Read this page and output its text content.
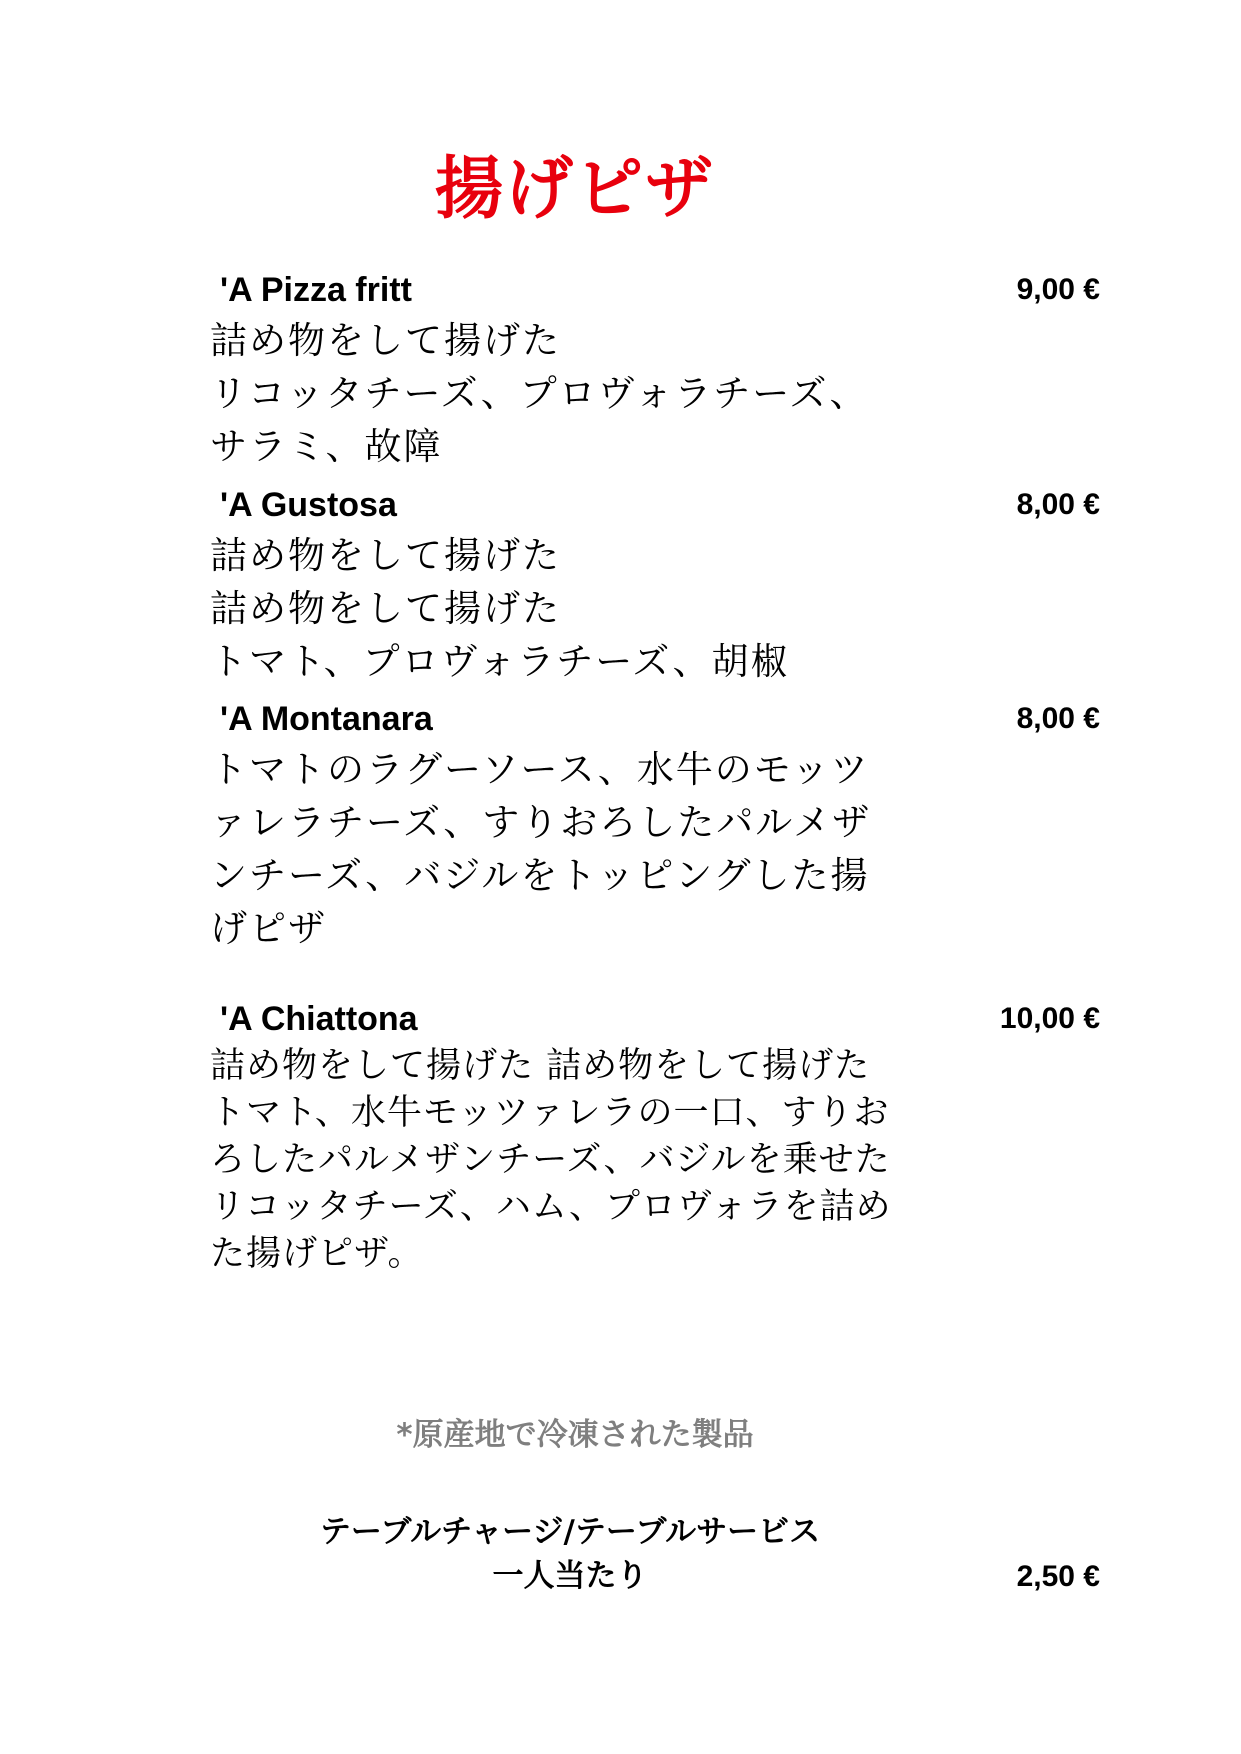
揚げピザ
'A Pizza fritt	9,00 €
詰め物をして揚げた
リコッタチーズ、プロヴォラチーズ、
サラミ、故障
'A Gustosa	8,00 €
詰め物をして揚げた
詰め物をして揚げた
トマト、プロヴォラチーズ、胡椒
'A Montanara	8,00 €
トマトのラグーソース、水牛のモッツ
ァレラチーズ、すりおろしたパルメザ
ンチーズ、バジルをトッピングした揚
げピザ
'A Chiattona	10,00 €
詰め物をして揚げた 詰め物をして揚げた
トマト、水牛モッツァレラの一口、すりお
ろしたパルメザンチーズ、バジルを乗せた
リコッタチーズ、ハム、プロヴォラを詰め
た揚げピザ。
*原産地で冷凍された製品
テーブルチャージ/テーブルサービス
一人当たり	2,50 €
